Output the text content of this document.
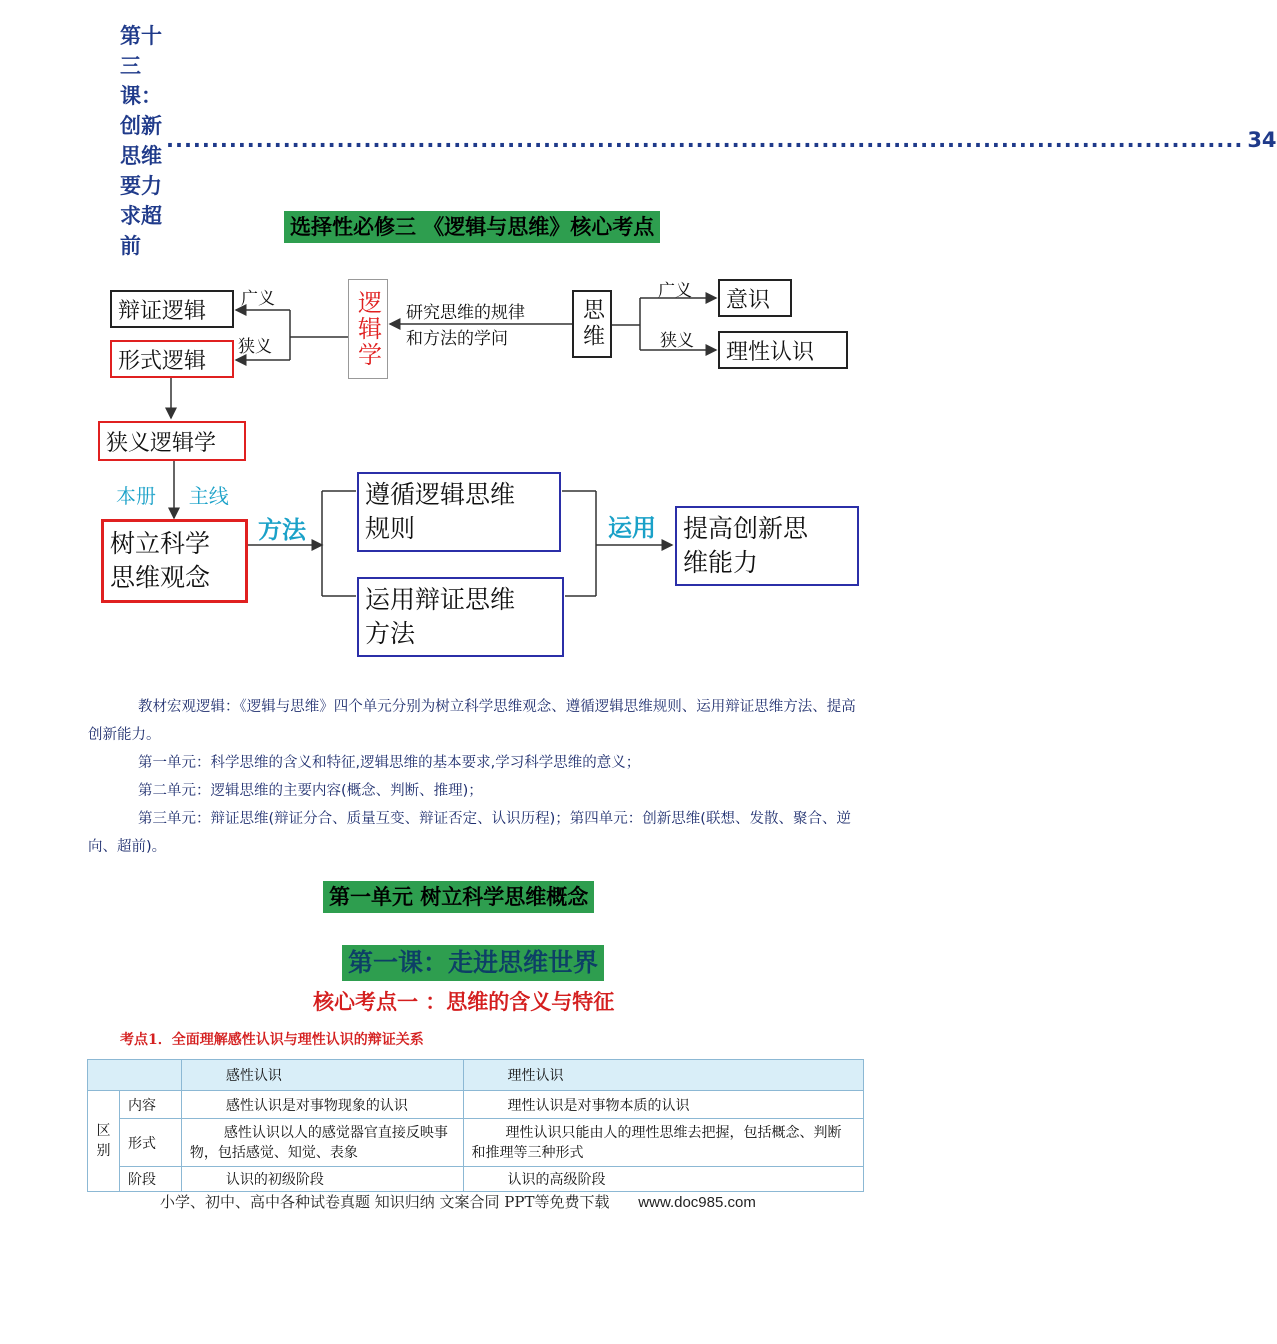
第十三课：创新思维要力求超前
........................................................................................................................ 34
选择性必修三 《逻辑与思维》核心考点
辩证逻辑
形式逻辑
广义
狭义	逻辑学	研究思维的规律
和方法的学问	思维
广义
狭义
意识
理性认识
狭义逻辑学
本册 主线
树立科学
思维观念
方法
遵循逻辑思维
规则
运用辩证思维
方法
运用 提高创新思
维能力

教材宏观逻辑：《逻辑与思维》四个单元分别为树立科学思维观念、遵循逻辑思维规则、运用辩证思维方法、提高创新能力。

第一单元：科学思维的含义和特征,逻辑思维的基本要求,学习科学思维的意义；

第二单元：逻辑思维的主要内容(概念、判断、推理)；

第三单元：辩证思维(辩证分合、质量互变、辩证否定、认识历程)；第四单元：创新思维(联想、发散、聚合、逆向、超前)。

第一单元 树立科学思维概念
第一课：走进思维世界
核心考点一 ：思维的含义与特征
考点1．全面理解感性认识与理性认识的辩证关系
		感性认识	理性认识

区
别	内容	感性认识是对事物现象的认识	理性认识是对事物本质的认识
	形式	感性认识以人的感觉器官直接反映事物，包括感觉、知觉、表象	理性认识只能由人的理性思维去把握，包括概念、判断和推理等三种形式
	阶段	认识的初级阶段	认识的高级阶段
小学、初中、高中各种试卷真题 知识归纳 文案合同 PPT等免费下载 www.doc985.com
